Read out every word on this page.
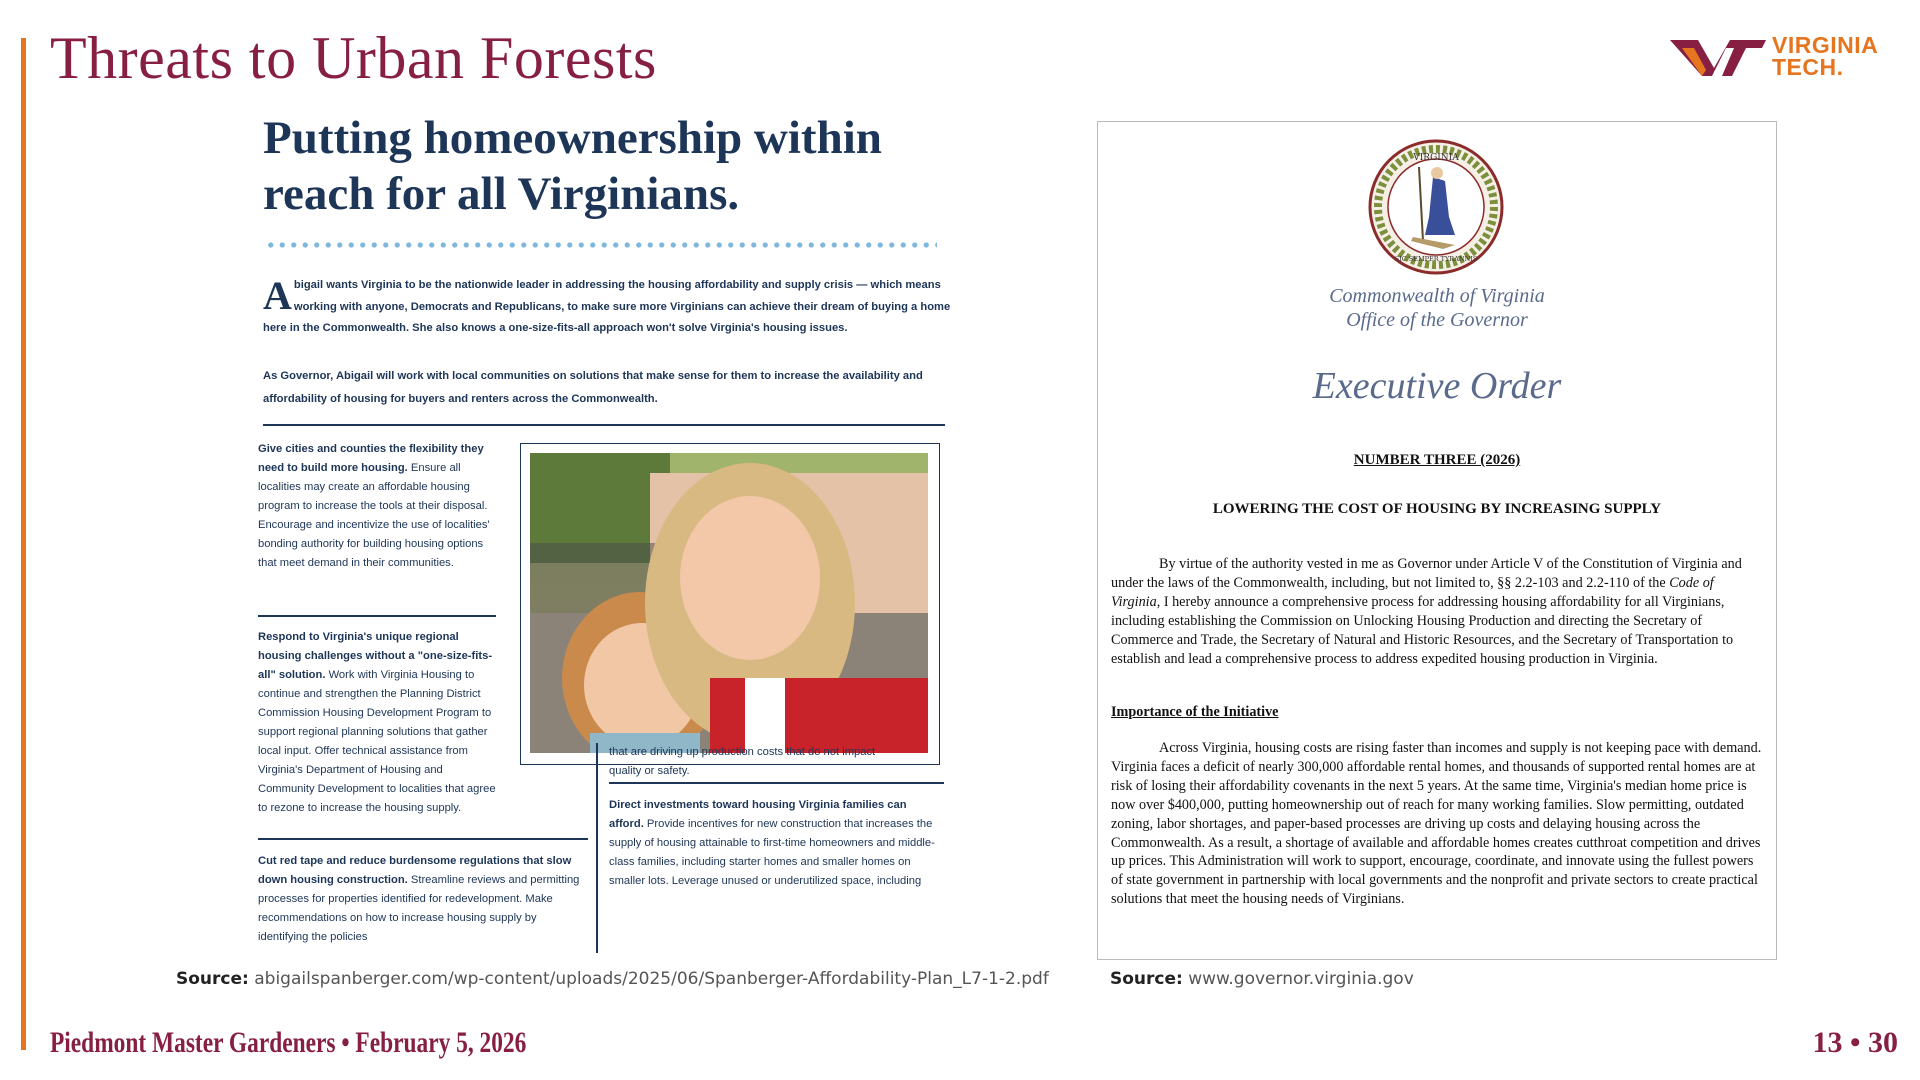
Threats to Urban Forests	VIRGINIA
TECH.
Putting homeownership within reach for all Virginians.
A bigail wants Virginia to be the nationwide leader in addressing the housing affordability and supply crisis — which means working with anyone, Democrats and Republicans, to make sure more Virginians can achieve their dream of buying a home here in the Commonwealth. She also knows a one-size-fits-all approach won't solve Virginia's housing issues.
As Governor, Abigail will work with local communities on solutions that make sense for them to increase the availability and affordability of housing for buyers and renters across the Commonwealth.
Give cities and counties the flexibility they need to build more housing. Ensure all localities may create an affordable housing program to increase the tools at their disposal. Encourage and incentivize the use of localities' bonding authority for building housing options that meet demand in their communities.
Respond to Virginia's unique regional housing challenges without a "one-size-fits-all" solution. Work with Virginia Housing to continue and strengthen the Planning District Commission Housing Development Program to support regional planning solutions that gather local input. Offer technical assistance from Virginia's Department of Housing and Community Development to localities that agree to rezone to increase the housing supply.
Cut red tape and reduce burdensome regulations that slow down housing construction. Streamline reviews and permitting processes for properties identified for redevelopment. Make recommendations on how to increase housing supply by identifying the policies
that are driving up production costs that do not impact quality or safety.
Direct investments toward housing Virginia families can afford. Provide incentives for new construction that increases the supply of housing attainable to first-time homeowners and middle-class families, including starter homes and smaller homes on smaller lots. Leverage unused or underutilized space, including
VIRGINIA
SIC SEMPER TYRANNIS
Commonwealth of Virginia
Office of the Governor
Executive Order
NUMBER THREE (2026)
LOWERING THE COST OF HOUSING BY INCREASING SUPPLY
By virtue of the authority vested in me as Governor under Article V of the Constitution of Virginia and under the laws of the Commonwealth, including, but not limited to, §§ 2.2-103 and 2.2-110 of the Code of Virginia, I hereby announce a comprehensive process for addressing housing affordability for all Virginians, including establishing the Commission on Unlocking Housing Production and directing the Secretary of Commerce and Trade, the Secretary of Natural and Historic Resources, and the Secretary of Transportation to establish and lead a comprehensive process to address expedited housing production in Virginia.
Importance of the Initiative
Across Virginia, housing costs are rising faster than incomes and supply is not keeping pace with demand. Virginia faces a deficit of nearly 300,000 affordable rental homes, and thousands of supported rental homes are at risk of losing their affordability covenants in the next 5 years. At the same time, Virginia's median home price is now over $400,000, putting homeownership out of reach for many working families. Slow permitting, outdated zoning, labor shortages, and paper-based processes are driving up costs and delaying housing across the Commonwealth. As a result, a shortage of available and affordable homes creates cutthroat competition and drives up prices. This Administration will work to support, encourage, coordinate, and innovate using the fullest powers of state government in partnership with local governments and the nonprofit and private sectors to create practical solutions that meet the housing needs of Virginians.
Source: abigailspanberger.com/wp-content/uploads/2025/06/Spanberger-Affordability-Plan_L7-1-2.pdf	Source: www.governor.virginia.gov
Piedmont Master Gardeners • February 5, 2026	13 • 30
